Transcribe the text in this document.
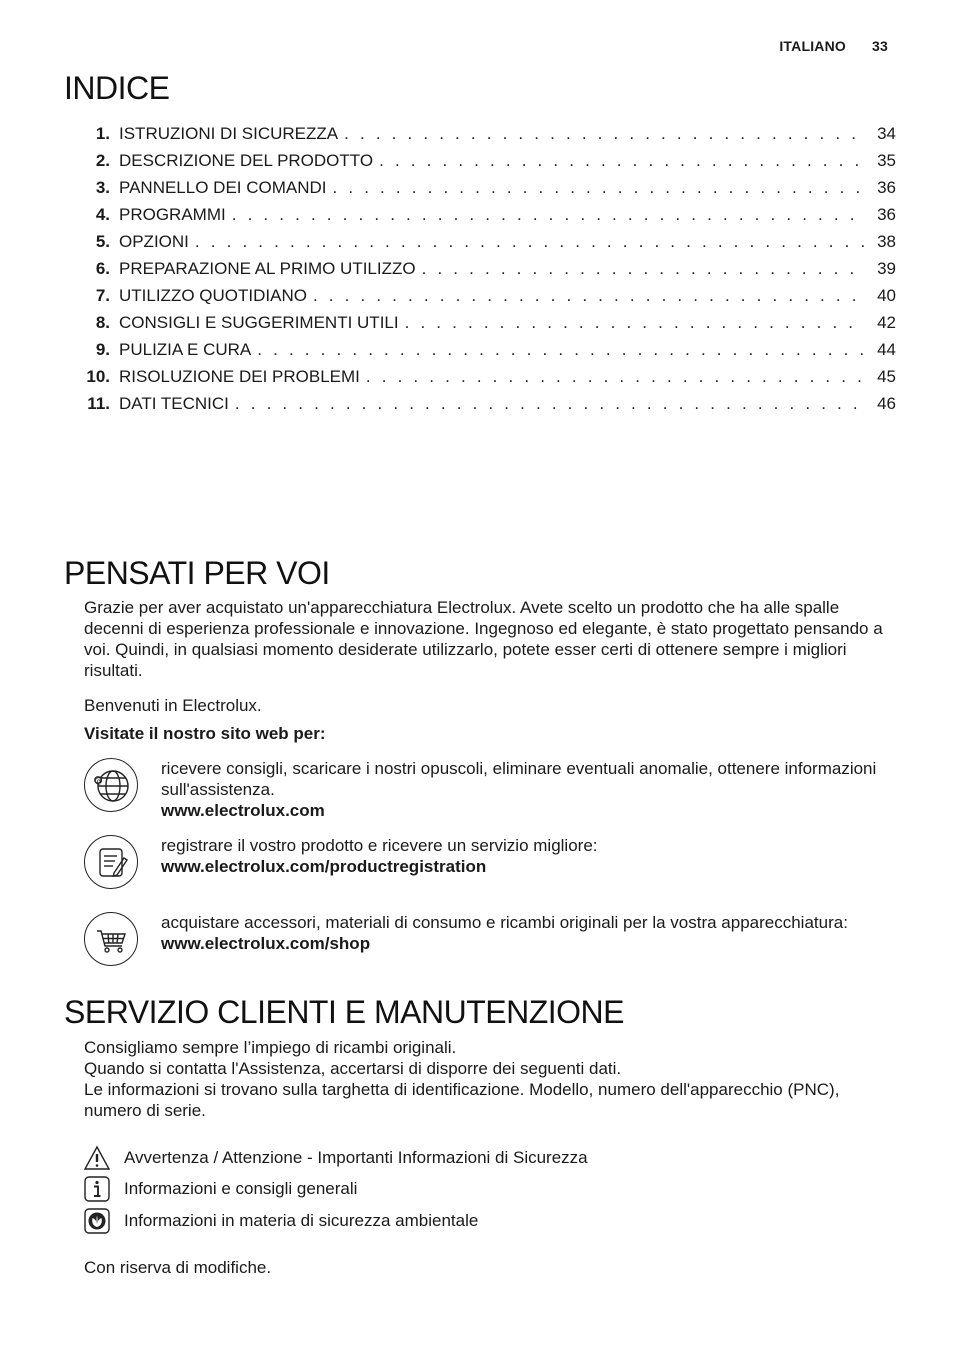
ITALIANO 33
INDICE
1. ISTRUZIONI DI SICUREZZA . . .	34
2. DESCRIZIONE DEL PRODOTTO . . .	35
3. PANNELLO DEI COMANDI . . .	36
4. PROGRAMMI . . .	36
5. OPZIONI . . .	38
6. PREPARAZIONE AL PRIMO UTILIZZO . . .	39
7. UTILIZZO QUOTIDIANO . . .	40
8. CONSIGLI E SUGGERIMENTI UTILI . . .	42
9. PULIZIA E CURA . . .	44
10. RISOLUZIONE DEI PROBLEMI . . .	45
11. DATI TECNICI . . .	46
PENSATI PER VOI

Grazie per aver acquistato un'apparecchiatura Electrolux. Avete scelto un prodotto che ha alle spalle decenni di esperienza professionale e innovazione. Ingegnoso ed elegante, è stato progettato pensando a voi. Quindi, in qualsiasi momento desiderate utilizzarlo, potete esser certi di ottenere sempre i migliori risultati.

Benvenuti in Electrolux.

Visitate il nostro sito web per:

@
ricevere consigli, scaricare i nostri opuscoli, eliminare eventuali anomalie, ottenere informazioni sull'assistenza.
www.electrolux.com
registrare il vostro prodotto e ricevere un servizio migliore:
www.electrolux.com/productregistration
acquistare accessori, materiali di consumo e ricambi originali per la vostra apparecchiatura:
www.electrolux.com/shop
SERVIZIO CLIENTI E MANUTENZIONE
Consigliamo sempre l’impiego di ricambi originali.
Quando si contatta l'Assistenza, accertarsi di disporre dei seguenti dati.
Le informazioni si trovano sulla targhetta di identificazione. Modello, numero dell'apparecchio (PNC), numero di serie.
Avvertenza / Attenzione - Importanti Informazioni di Sicurezza
Informazioni e consigli generali
Informazioni in materia di sicurezza ambientale

Con riserva di modifiche.
